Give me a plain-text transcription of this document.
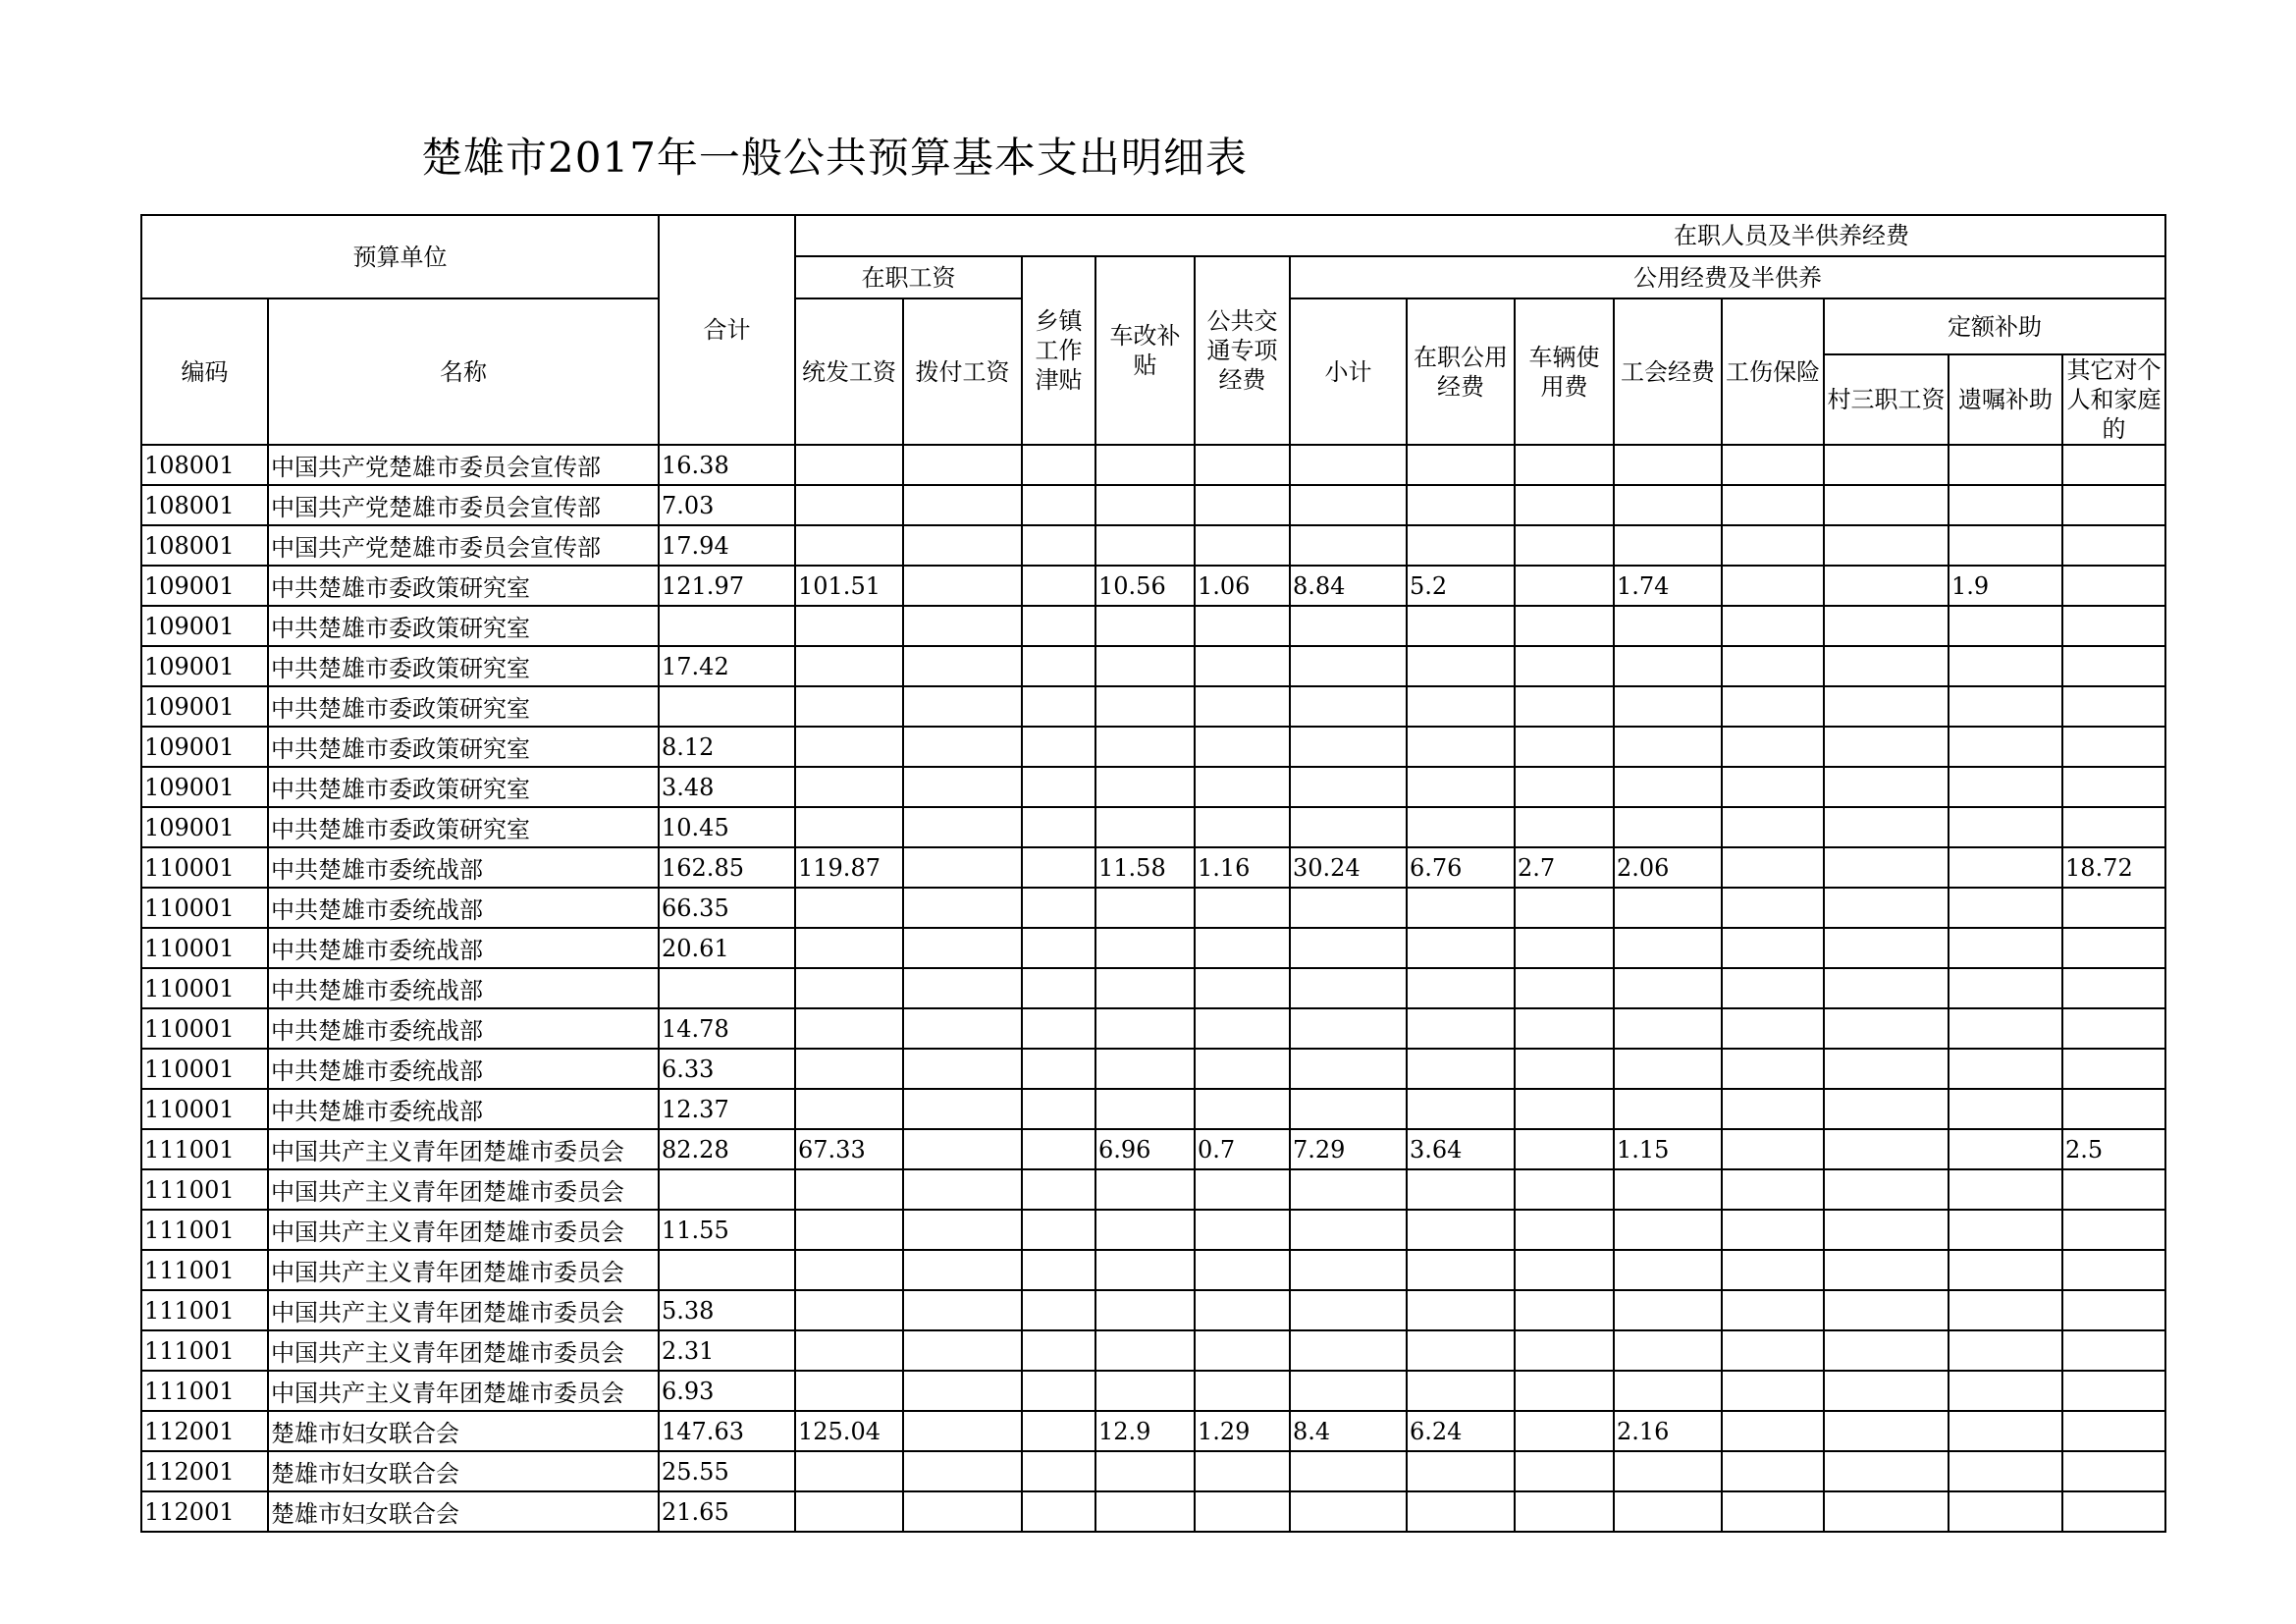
楚雄市2017年一般公共预算基本支出明细表
预算单位		合计	在职人员及半供养经费												
			在职工资		乡镇工作津贴	车改补贴	公共交通专项经费	公用经费及半供养							
编码	名称		统发工资	拨付工资				小计	在职公用经费	车辆使用费	工会经费	工伤保险	定额补助		
													村三职工资	遗嘱补助	其它对个人和家庭的
108001	中国共产党楚雄市委员会宣传部	16.38													
108001	中国共产党楚雄市委员会宣传部	7.03													
108001	中国共产党楚雄市委员会宣传部	17.94													
109001	中共楚雄市委政策研究室	121.97	101.51			10.56	1.06	8.84	5.2		1.74			1.9	
109001	中共楚雄市委政策研究室														
109001	中共楚雄市委政策研究室	17.42													
109001	中共楚雄市委政策研究室														
109001	中共楚雄市委政策研究室	8.12													
109001	中共楚雄市委政策研究室	3.48													
109001	中共楚雄市委政策研究室	10.45													
110001	中共楚雄市委统战部	162.85	119.87			11.58	1.16	30.24	6.76	2.7	2.06				18.72
110001	中共楚雄市委统战部	66.35													
110001	中共楚雄市委统战部	20.61													
110001	中共楚雄市委统战部														
110001	中共楚雄市委统战部	14.78													
110001	中共楚雄市委统战部	6.33													
110001	中共楚雄市委统战部	12.37													
111001	中国共产主义青年团楚雄市委员会	82.28	67.33			6.96	0.7	7.29	3.64		1.15				2.5
111001	中国共产主义青年团楚雄市委员会														
111001	中国共产主义青年团楚雄市委员会	11.55													
111001	中国共产主义青年团楚雄市委员会														
111001	中国共产主义青年团楚雄市委员会	5.38													
111001	中国共产主义青年团楚雄市委员会	2.31													
111001	中国共产主义青年团楚雄市委员会	6.93													
112001	楚雄市妇女联合会	147.63	125.04			12.9	1.29	8.4	6.24		2.16				
112001	楚雄市妇女联合会	25.55													
112001	楚雄市妇女联合会	21.65													
